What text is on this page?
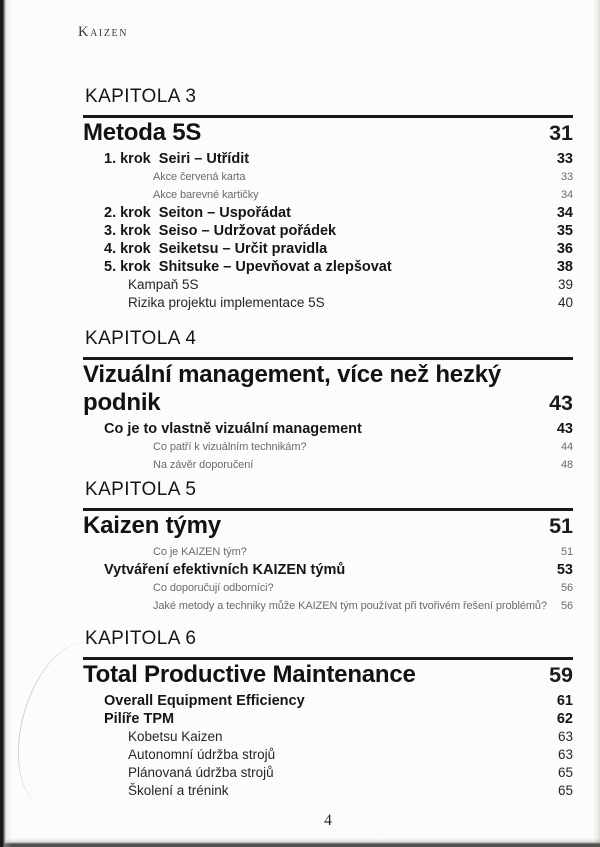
Kaizen
KAPITOLA 3
Metoda 5S	31
1. krok  Seiri – Utřídit	33
Akce červená karta	33
Akce barevné kartičky	34
2. krok  Seiton – Uspořádat	34
3. krok  Seiso – Udržovat pořádek	35
4. krok  Seiketsu – Určit pravidla	36
5. krok  Shitsuke – Upevňovat a zlepšovat	38
Kampaň 5S	39
Rizika projektu implementace 5S	40
KAPITOLA 4
Vizuální management, více než hezký podnik	43
Co je to vlastně vizuální management	43
Co patří k vizuálním technikám?	44
Na závěr doporučení	48
KAPITOLA 5
Kaizen týmy	51
Co je KAIZEN tým?	51
Vytváření efektivních KAIZEN týmů	53
Co doporučují odborníci?	56
Jaké metody a techniky může KAIZEN tým používat při tvořivém řešení problémů?	56
KAPITOLA 6
Total Productive Maintenance	59
Overall Equipment Efficiency	61
Pilíře TPM	62
Kobetsu Kaizen	63
Autonomní údržba strojů	63
Plánovaná údržba strojů	65
Školení a trénink	65
4
